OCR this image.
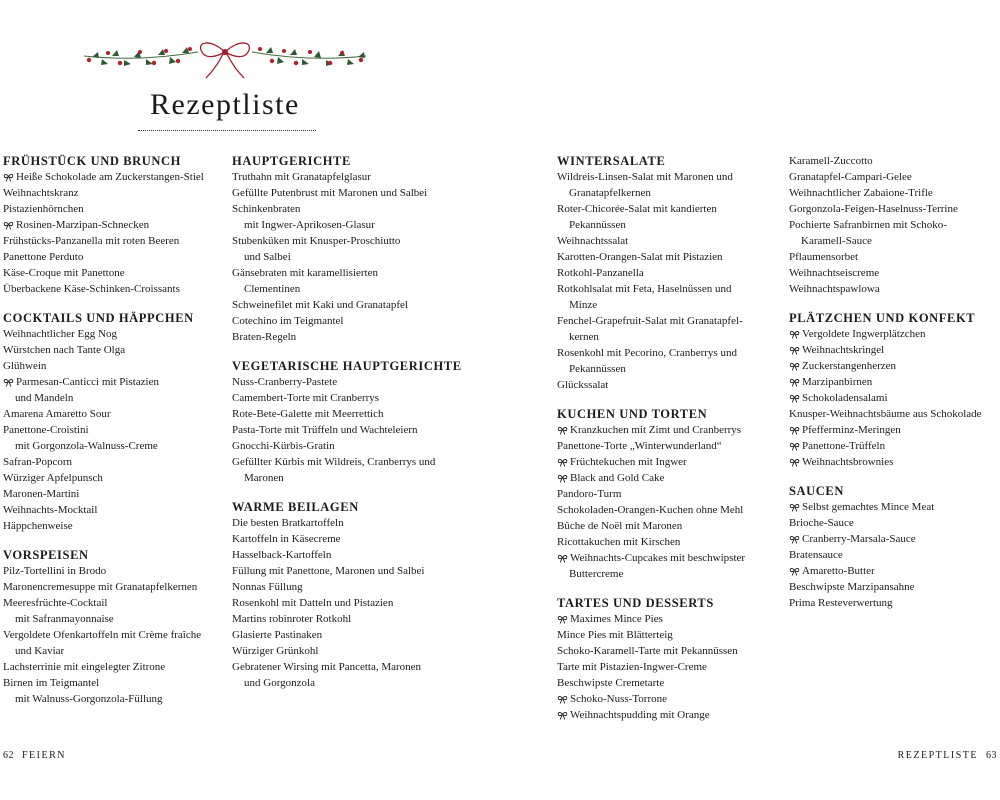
Rezeptliste
FRÜHSTÜCK UND BRUNCH
Heiße Schokolade am Zuckerstangen-Stiel
Weihnachtskranz
Pistazienhörnchen
Rosinen-Marzipan-Schnecken
Frühstücks-Panzanella mit roten Beeren
Panettone Perduto
Käse-Croque mit Panettone
Überbackene Käse-Schinken-Croissants
COCKTAILS UND HÄPPCHEN
Weihnachtlicher Egg Nog
Würstchen nach Tante Olga
Glühwein
Parmesan-Canticci mit Pistazien
und Mandeln
Amarena Amaretto Sour
Panettone-Croistini
mit Gorgonzola-Walnuss-Creme
Safran-Popcorn
Würziger Apfelpunsch
Maronen-Martini
Weihnachts-Mocktail
Häppchenweise
VORSPEISEN
Pilz-Tortellini in Brodo
Maronencremesuppe mit Granatapfelkernen
Meeresfrüchte-Cocktail
mit Safranmayonnaise
Vergoldete Ofenkartoffeln mit Crème fraîche
und Kaviar
Lachsterrinie mit eingelegter Zitrone
Birnen im Teigmantel
mit Walnuss-Gorgonzola-Füllung
HAUPTGERICHTE
Truthahn mit Granatapfelglasur
Gefüllte Putenbrust mit Maronen und Salbei
Schinkenbraten
mit Ingwer-Aprikosen-Glasur
Stubenküken mit Knusper-Proschiutto
und Salbei
Gänsebraten mit karamellisierten
Clementinen
Schweinefilet mit Kaki und Granatapfel
Cotechino im Teigmantel
Braten-Regeln
VEGETARISCHE HAUPTGERICHTE
Nuss-Cranberry-Pastete
Camembert-Torte mit Cranberrys
Rote-Bete-Galette mit Meerrettich
Pasta-Torte mit Trüffeln und Wachteleiern
Gnocchi-Kürbis-Gratin
Gefüllter Kürbis mit Wildreis, Cranberrys und
Maronen
WARME BEILAGEN
Die besten Bratkartoffeln
Kartoffeln in Käsecreme
Hasselback-Kartoffeln
Füllung mit Panettone, Maronen und Salbei
Nonnas Füllung
Rosenkohl mit Datteln und Pistazien
Martins robinroter Rotkohl
Glasierte Pastinaken
Würziger Grünkohl
Gebratener Wirsing mit Pancetta, Maronen
und Gorgonzola
WINTERSALATE
Wildreis-Linsen-Salat mit Maronen und
Granatapfelkernen
Roter-Chicorée-Salat mit kandierten
Pekannüssen
Weihnachtssalat
Karotten-Orangen-Salat mit Pistazien
Rotkohl-Panzanella
Rotkohlsalat mit Feta, Haselnüssen und
Minze
Fenchel-Grapefruit-Salat mit Granatapfel-
kernen
Rosenkohl mit Pecorino, Cranberrys und
Pekannüssen
Glückssalat
KUCHEN UND TORTEN
Kranzkuchen mit Zimt und Cranberrys
Panettone-Torte „Winterwunderland“
Früchtekuchen mit Ingwer
Black and Gold Cake
Pandoro-Turm
Schokoladen-Orangen-Kuchen ohne Mehl
Bûche de Noël mit Maronen
Ricottakuchen mit Kirschen
Weihnachts-Cupcakes mit beschwipster
Buttercreme
TARTES UND DESSERTS
Maximes Mince Pies
Mince Pies mit Blätterteig
Schoko-Karamell-Tarte mit Pekannüssen
Tarte mit Pistazien-Ingwer-Creme
Beschwipste Cremetarte
Schoko-Nuss-Torrone
Weihnachtspudding mit Orange
Karamell-Zuccotto
Granatapfel-Campari-Gelee
Weihnachtlicher Zabaione-Trifle
Gorgonzola-Feigen-Haselnuss-Terrine
Pochierte Safranbirnen mit Schoko-
Karamell-Sauce
Pflaumensorbet
Weihnachtseiscreme
Weihnachtspawlowa
PLÄTZCHEN UND KONFEKT
Vergoldete Ingwerplätzchen
Weihnachtskringel
Zuckerstangenherzen
Marzipanbirnen
Schokoladensalami
Knusper-Weihnachtsbäume aus Schokolade
Pfefferminz-Meringen
Panettone-Trüffeln
Weihnachtsbrownies
SAUCEN
Selbst gemachtes Mince Meat
Brioche-Sauce
Cranberry-Marsala-Sauce
Bratensauce
Amaretto-Butter
Beschwipste Marzipansahne
Prima Resteverwertung
62 FEIERN	REZEPTLISTE 63
